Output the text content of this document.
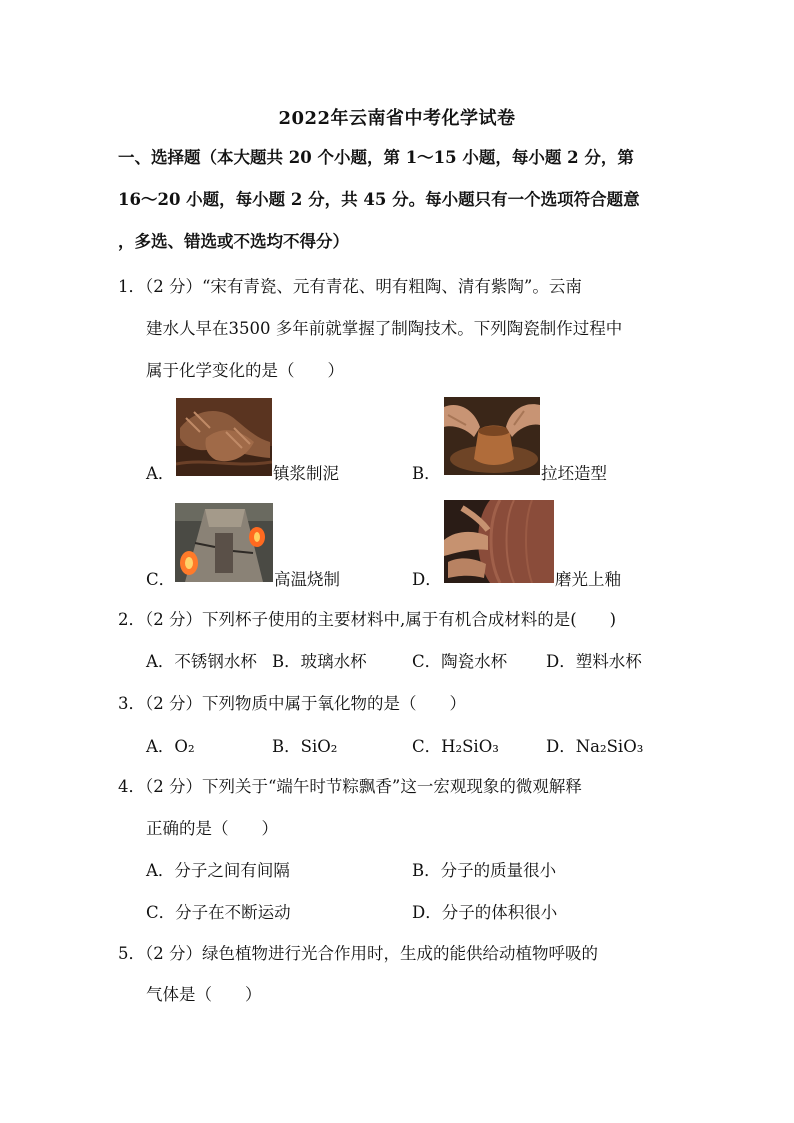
2022年云南省中考化学试卷
一、选择题（本大题共 20 个小题，第 1～15 小题，每小题 2 分，第
16～20 小题，每小题 2 分，共 45 分。每小题只有一个选项符合题意
，多选、错选或不选均不得分）
1．（2 分）“宋有青瓷、元有青花、明有粗陶、清有紫陶”。云南
建水人早在3500 多年前就掌握了制陶技术。下列陶瓷制作过程中
属于化学变化的是（　　）
A．	镇浆制泥	B．	拉坯造型
C．	高温烧制	D．	磨光上釉
2．（2 分）下列杯子使用的主要材料中,属于有机合成材料的是(　　)
A．不锈钢水杯 B．玻璃水杯	C．陶瓷水杯 D．塑料水杯
3．（2 分）下列物质中属于氧化物的是（　　）
A．O₂	B．SiO₂	C．H₂SiO₃	D．Na₂SiO₃
4．（2 分）下列关于“端午时节粽飘香”这一宏观现象的微观解释
正确的是（　　）
A．分子之间有间隔	B．分子的质量很小
C．分子在不断运动	D．分子的体积很小
5．（2 分）绿色植物进行光合作用时，生成的能供给动植物呼吸的
气体是（　　）
